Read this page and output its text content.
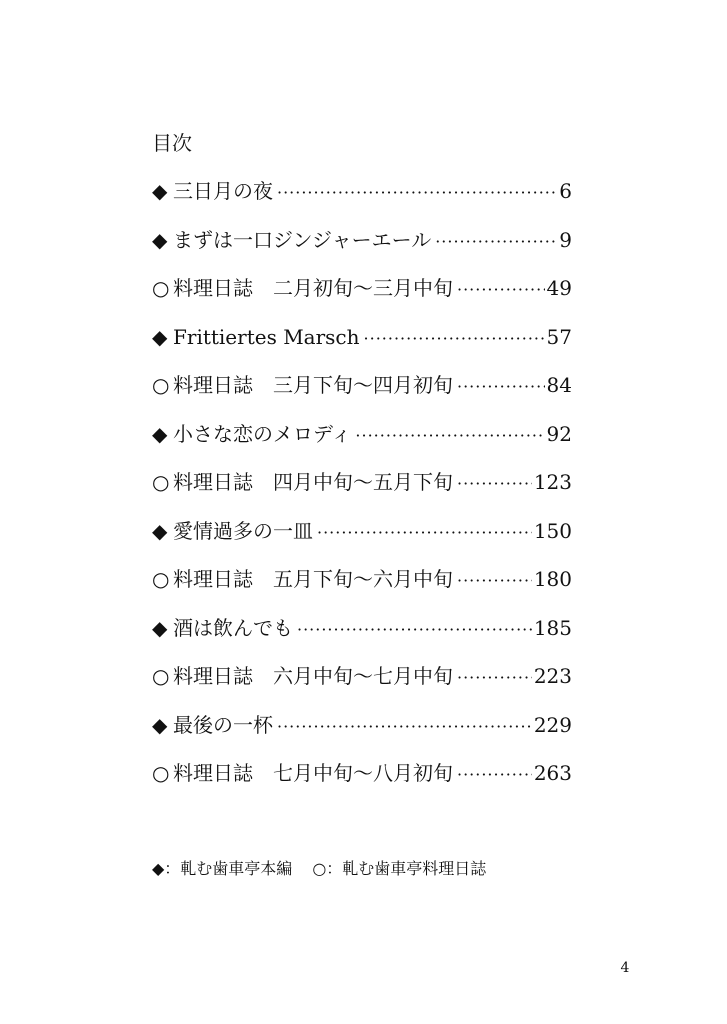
目次
◆ 三日月の夜 ·····	6
◆ まずは一口ジンジャーエール ·····	9
○ 料理日誌　二月初旬〜三月中旬 ·····	49
◆ Frittiertes Marsch ·····	57
○ 料理日誌　三月下旬〜四月初旬 ·····	84
◆ 小さな恋のメロディ ·····	92
○ 料理日誌　四月中旬〜五月下旬 ·····	123
◆ 愛情過多の一皿 ·····	150
○ 料理日誌　五月下旬〜六月中旬 ·····	180
◆ 酒は飲んでも ·····	185
○ 料理日誌　六月中旬〜七月中旬 ·····	223
◆ 最後の一杯 ·····	229
○ 料理日誌　七月中旬〜八月初旬 ·····	263
◆：軋む歯車亭本編 ○：軋む歯車亭料理日誌
4
